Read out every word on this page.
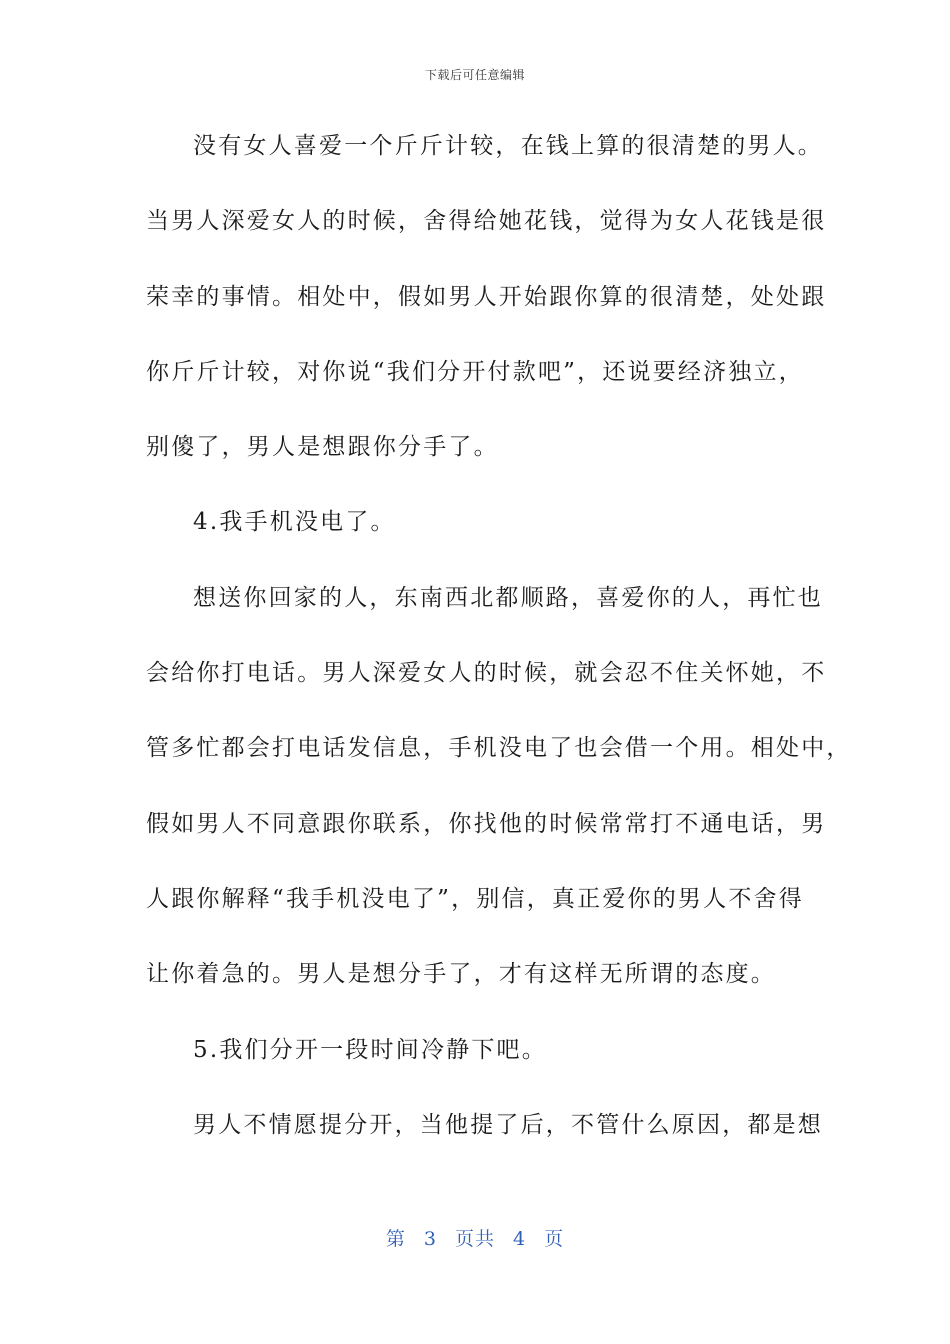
下载后可任意编辑
没有女人喜爱一个斤斤计较，在钱上算的很清楚的男人。
当男人深爱女人的时候，舍得给她花钱，觉得为女人花钱是很
荣幸的事情。相处中，假如男人开始跟你算的很清楚，处处跟
你斤斤计较，对你说“我们分开付款吧”，还说要经济独立，
别傻了，男人是想跟你分手了。
4.我手机没电了。
想送你回家的人，东南西北都顺路，喜爱你的人，再忙也
会给你打电话。男人深爱女人的时候，就会忍不住关怀她，不
管多忙都会打电话发信息，手机没电了也会借一个用。相处中，
假如男人不同意跟你联系，你找他的时候常常打不通电话，男
人跟你解释“我手机没电了”，别信，真正爱你的男人不舍得
让你着急的。男人是想分手了，才有这样无所谓的态度。
5.我们分开一段时间冷静下吧。
男人不情愿提分开，当他提了后，不管什么原因，都是想
第 3 页共 4 页
